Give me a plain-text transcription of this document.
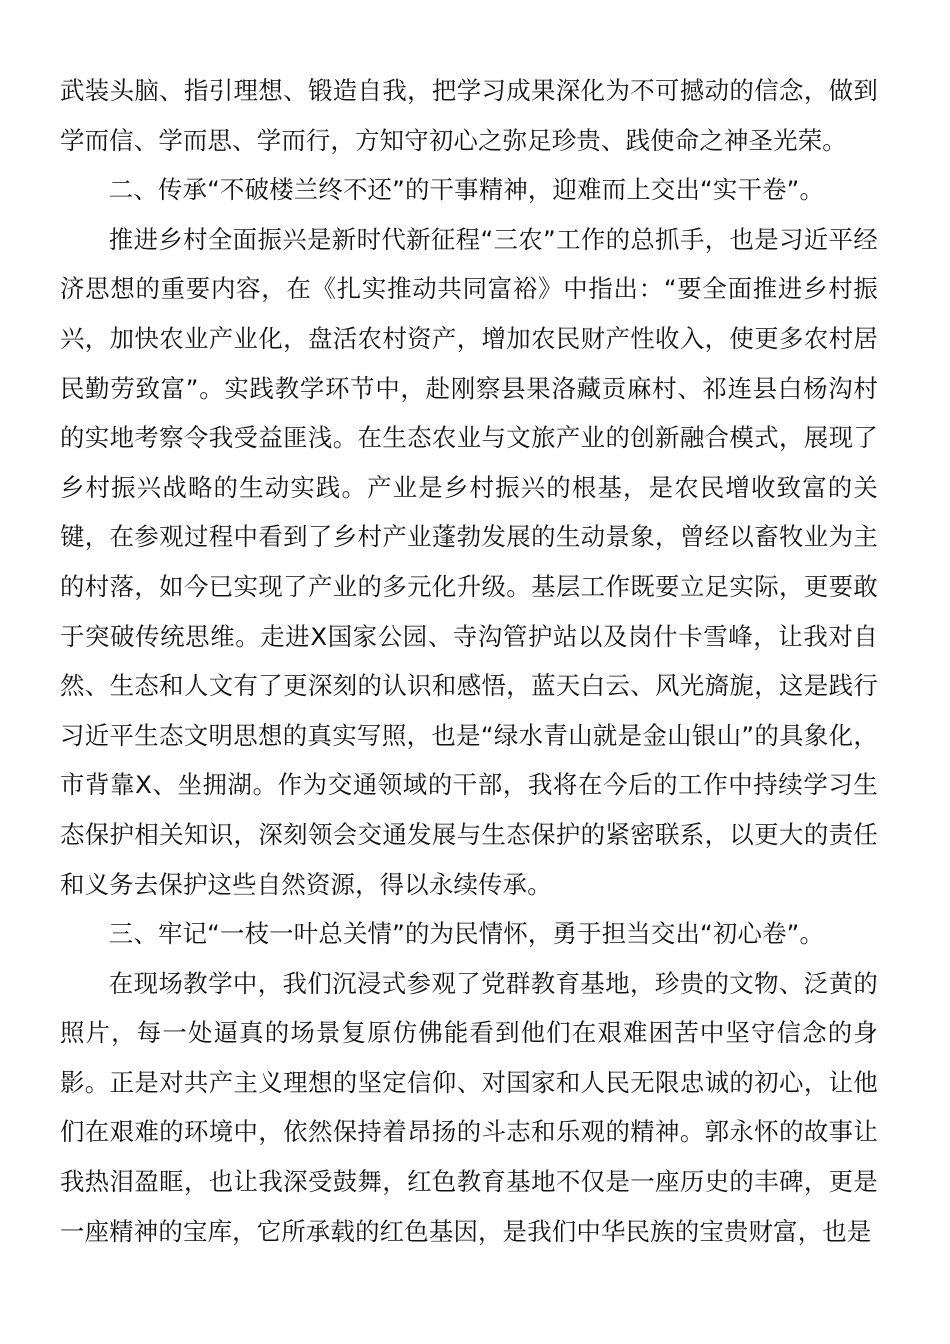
武装头脑、指引理想、锻造自我，把学习成果深化为不可撼动的信念，做到学而信、学而思、学而行，方知守初心之弥足珍贵、践使命之神圣光荣。

二、传承“不破楼兰终不还”的干事精神，迎难而上交出“实干卷”。

推进乡村全面振兴是新时代新征程“三农”工作的总抓手，也是习近平经济思想的重要内容，在《扎实推动共同富裕》中指出：“要全面推进乡村振兴，加快农业产业化，盘活农村资产，增加农民财产性收入，使更多农村居民勤劳致富”。实践教学环节中，赴刚察县果洛藏贡麻村、祁连县白杨沟村的实地考察令我受益匪浅。在生态农业与文旅产业的创新融合模式，展现了乡村振兴战略的生动实践。产业是乡村振兴的根基，是农民增收致富的关键，在参观过程中看到了乡村产业蓬勃发展的生动景象，曾经以畜牧业为主的村落，如今已实现了产业的多元化升级。基层工作既要立足实际，更要敢于突破传统思维。走进X国家公园、寺沟管护站以及岗什卡雪峰，让我对自然、生态和人文有了更深刻的认识和感悟，蓝天白云、风光旖旎，这是践行习近平生态文明思想的真实写照，也是“绿水青山就是金山银山”的具象化，市背靠X、坐拥湖。作为交通领域的干部，我将在今后的工作中持续学习生态保护相关知识，深刻领会交通发展与生态保护的紧密联系，以更大的责任和义务去保护这些自然资源，得以永续传承。

三、牢记“一枝一叶总关情”的为民情怀，勇于担当交出“初心卷”。

在现场教学中，我们沉浸式参观了党群教育基地，珍贵的文物、泛黄的照片，每一处逼真的场景复原仿佛能看到他们在艰难困苦中坚守信念的身影。正是对共产主义理想的坚定信仰、对国家和人民无限忠诚的初心，让他们在艰难的环境中，依然保持着昂扬的斗志和乐观的精神。郭永怀的故事让我热泪盈眶，也让我深受鼓舞，红色教育基地不仅是一座历史的丰碑，更是一座精神的宝库，它所承载的红色基因，是我们中华民族的宝贵财富，也是
